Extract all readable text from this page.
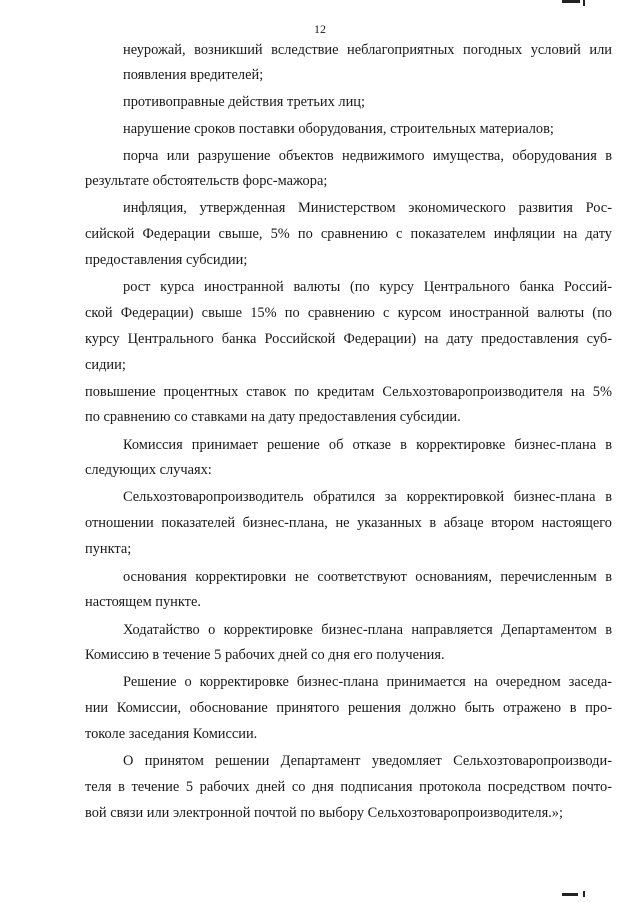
12
неурожай, возникший вследствие неблагоприятных погодных условий или
появления вредителей;
противоправные действия третьих лиц;
нарушение сроков поставки оборудования, строительных материалов;
порча или разрушение объектов недвижимого имущества, оборудования в
результате обстоятельств форс-мажора;
инфляция, утвержденная Министерством экономического развития Рос-
сийской Федерации свыше, 5% по сравнению с показателем инфляции на дату
предоставления субсидии;
рост курса иностранной валюты (по курсу Центрального банка Россий-
ской Федерации) свыше 15% по сравнению с курсом иностранной валюты (по
курсу Центрального банка Российской Федерации) на дату предоставления суб-
сидии;
повышение процентных ставок по кредитам Сельхозтоваропроизводителя на 5%
по сравнению со ставками на дату предоставления субсидии.
Комиссия принимает решение об отказе в корректировке бизнес-плана в
следующих случаях:
Сельхозтоваропроизводитель обратился за корректировкой бизнес-плана в
отношении показателей бизнес-плана, не указанных в абзаце втором настоящего
пункта;
основания корректировки не соответствуют основаниям, перечисленным в
настоящем пункте.
Ходатайство о корректировке бизнес-плана направляется Департаментом в
Комиссию в течение 5 рабочих дней со дня его получения.
Решение о корректировке бизнес-плана принимается на очередном заседа-
нии Комиссии, обоснование принятого решения должно быть отражено в про-
токоле заседания Комиссии.
О принятом решении Департамент уведомляет Сельхозтоваропроизводи-
теля в течение 5 рабочих дней со дня подписания протокола посредством почто-
вой связи или электронной почтой по выбору Сельхозтоваропроизводителя.»;
